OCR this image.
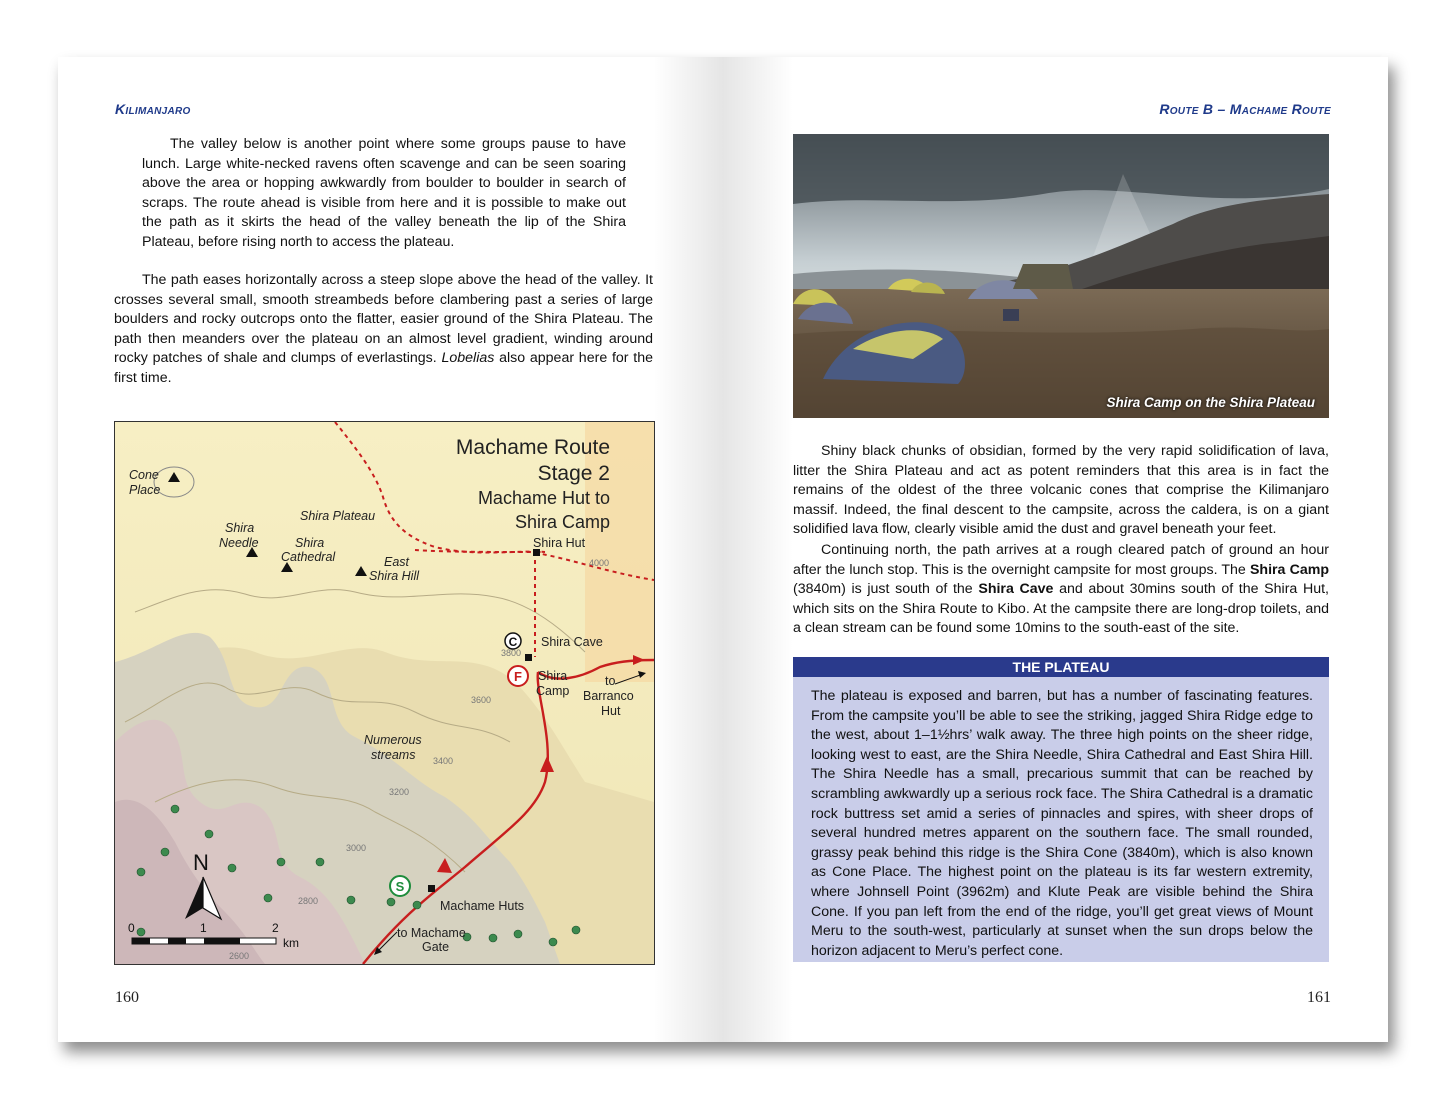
Kilimanjaro

The valley below is another point where some groups pause to have lunch. Large white-necked ravens often scavenge and can be seen soaring above the area or hopping awkwardly from boulder to boulder in search of scraps. The route ahead is visible from here and it is possible to make out the path as it skirts the head of the valley beneath the lip of the Shira Plateau, before rising north to access the plateau.

The path eases horizontally across a steep slope above the head of the valley. It crosses several small, smooth streambeds before clambering past a series of large boulders and rocky outcrops onto the flatter, easier ground of the Shira Plateau. The path then meanders over the plateau on an almost level gradient, winding around rocky patches of shale and clumps of everlastings. Lobelias also appear here for the first time.

C
F
S
Machame Route
Stage 2
Machame Hut to
Shira Camp
Cone
Place
Shira Plateau
Shira
Needle	Shira
Cathedral	East
Shira Hill
Numerous
streams
Shira Hut
Shira Cave
Shira
Camp
to
Barranco
Hut
Machame Huts
to Machame
Gate
4000
3800
3600
3400
3200
3000
2800
2600
N
0	1	2
km
160
Route B – Machame Route
Shira Camp on the Shira Plateau

Shiny black chunks of obsidian, formed by the very rapid solidification of lava, litter the Shira Plateau and act as potent reminders that this area is in fact the remains of the oldest of the three volcanic cones that comprise the Kilimanjaro massif. Indeed, the final descent to the campsite, across the caldera, is on a giant solidified lava flow, clearly visible amid the dust and gravel beneath your feet.

Continuing north, the path arrives at a rough cleared patch of ground an hour after the lunch stop. This is the overnight campsite for most groups. The Shira Camp (3840m) is just south of the Shira Cave and about 30mins south of the Shira Hut, which sits on the Shira Route to Kibo. At the campsite there are long-drop toilets, and a clean stream can be found some 10mins to the south-east of the site.

THE PLATEAU

The plateau is exposed and barren, but has a number of fascinating features. From the campsite you’ll be able to see the striking, jagged Shira Ridge edge to the west, about 1–1½hrs’ walk away. The three high points on the sheer ridge, looking west to east, are the Shira Needle, Shira Cathedral and East Shira Hill. The Shira Needle has a small, precarious summit that can be reached by scrambling awkwardly up a serious rock face. The Shira Cathedral is a dramatic rock buttress set amid a series of pinnacles and spires, with sheer drops of several hundred metres apparent on the southern face. The small rounded, grassy peak behind this ridge is the Shira Cone (3840m), which is also known as Cone Place. The highest point on the plateau is its far western extremity, where Johnsell Point (3962m) and Klute Peak are visible behind the Shira Cone. If you pan left from the end of the ridge, you’ll get great views of Mount Meru to the south-west, particularly at sunset when the sun drops below the horizon adjacent to Meru’s perfect cone.

161
